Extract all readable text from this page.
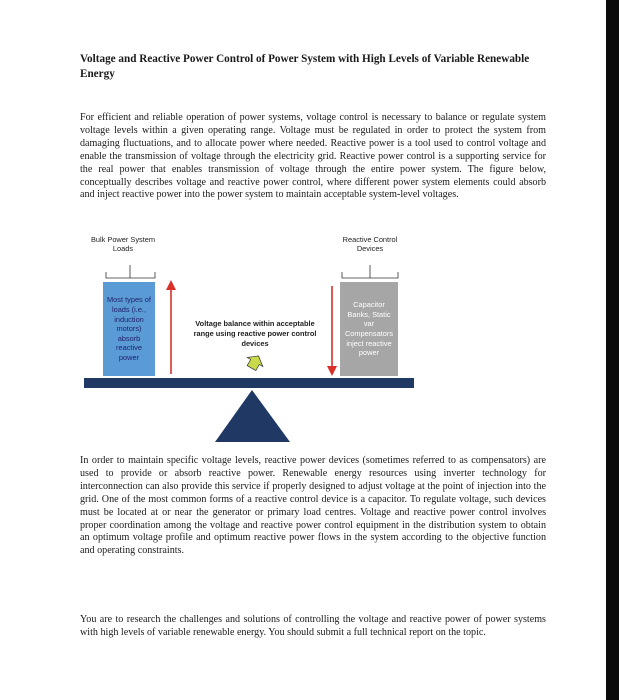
Voltage and Reactive Power Control of Power System with High Levels of Variable Renewable Energy
For efficient and reliable operation of power systems, voltage control is necessary to balance or regulate system voltage levels within a given operating range. Voltage must be regulated in order to protect the system from damaging fluctuations, and to allocate power where needed. Reactive power is a tool used to control voltage and enable the transmission of voltage through the electricity grid. Reactive power control is a supporting service for the real power that enables transmission of voltage through the entire power system. The figure below, conceptually describes voltage and reactive power control, where different power system elements could absorb and inject reactive power into the power system to maintain acceptable system-level voltages.
Bulk Power System Loads
Reactive Control Devices
Most types of loads (i.e., induction motors) absorb reactive power
Capacitor Banks, Static var Compensators inject reactive power
Voltage balance within acceptable range using reactive power control devices
In order to maintain specific voltage levels, reactive power devices (sometimes referred to as compensators) are used to provide or absorb reactive power. Renewable energy resources using inverter technology for interconnection can also provide this service if properly designed to adjust voltage at the point of injection into the grid. One of the most common forms of a reactive control device is a capacitor. To regulate voltage, such devices must be located at or near the generator or primary load centres. Voltage and reactive power control involves proper coordination among the voltage and reactive power control equipment in the distribution system to obtain an optimum voltage profile and optimum reactive power flows in the system according to the objective function and operating constraints.
You are to research the challenges and solutions of controlling the voltage and reactive power of power systems with high levels of variable renewable energy. You should submit a full technical report on the topic.
